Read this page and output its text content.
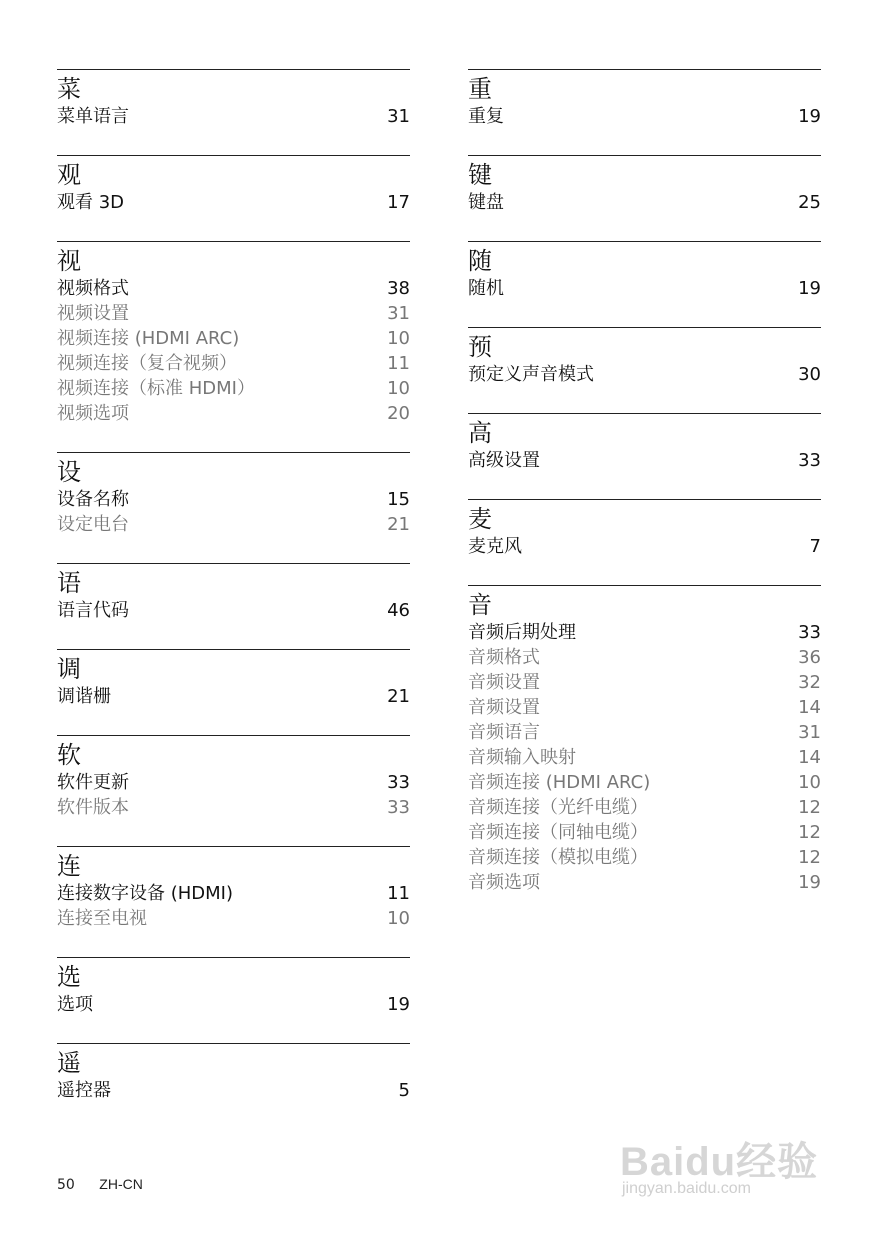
菜
菜单语言	31
观
观看 3D	17
视
视频格式	38
视频设置	31
视频连接 (HDMI ARC)	10
视频连接（复合视频）	11
视频连接（标准 HDMI）	10
视频选项	20
设
设备名称	15
设定电台	21
语
语言代码	46
调
调谐栅	21
软
软件更新	33
软件版本	33
连
连接数字设备 (HDMI)	11
连接至电视	10
选
选项	19
遥
遥控器	5
重
重复	19
键
键盘	25
随
随机	19
预
预定义声音模式	30
高
高级设置	33
麦
麦克风	7
音
音频后期处理	33
音频格式	36
音频设置	32
音频设置	14
音频语言	31
音频输入映射	14
音频连接 (HDMI ARC)	10
音频连接（光纤电缆）	12
音频连接（同轴电缆）	12
音频连接（模拟电缆）	12
音频选项	19
50 ZH-CN	Baidu经验
jingyan.baidu.com
